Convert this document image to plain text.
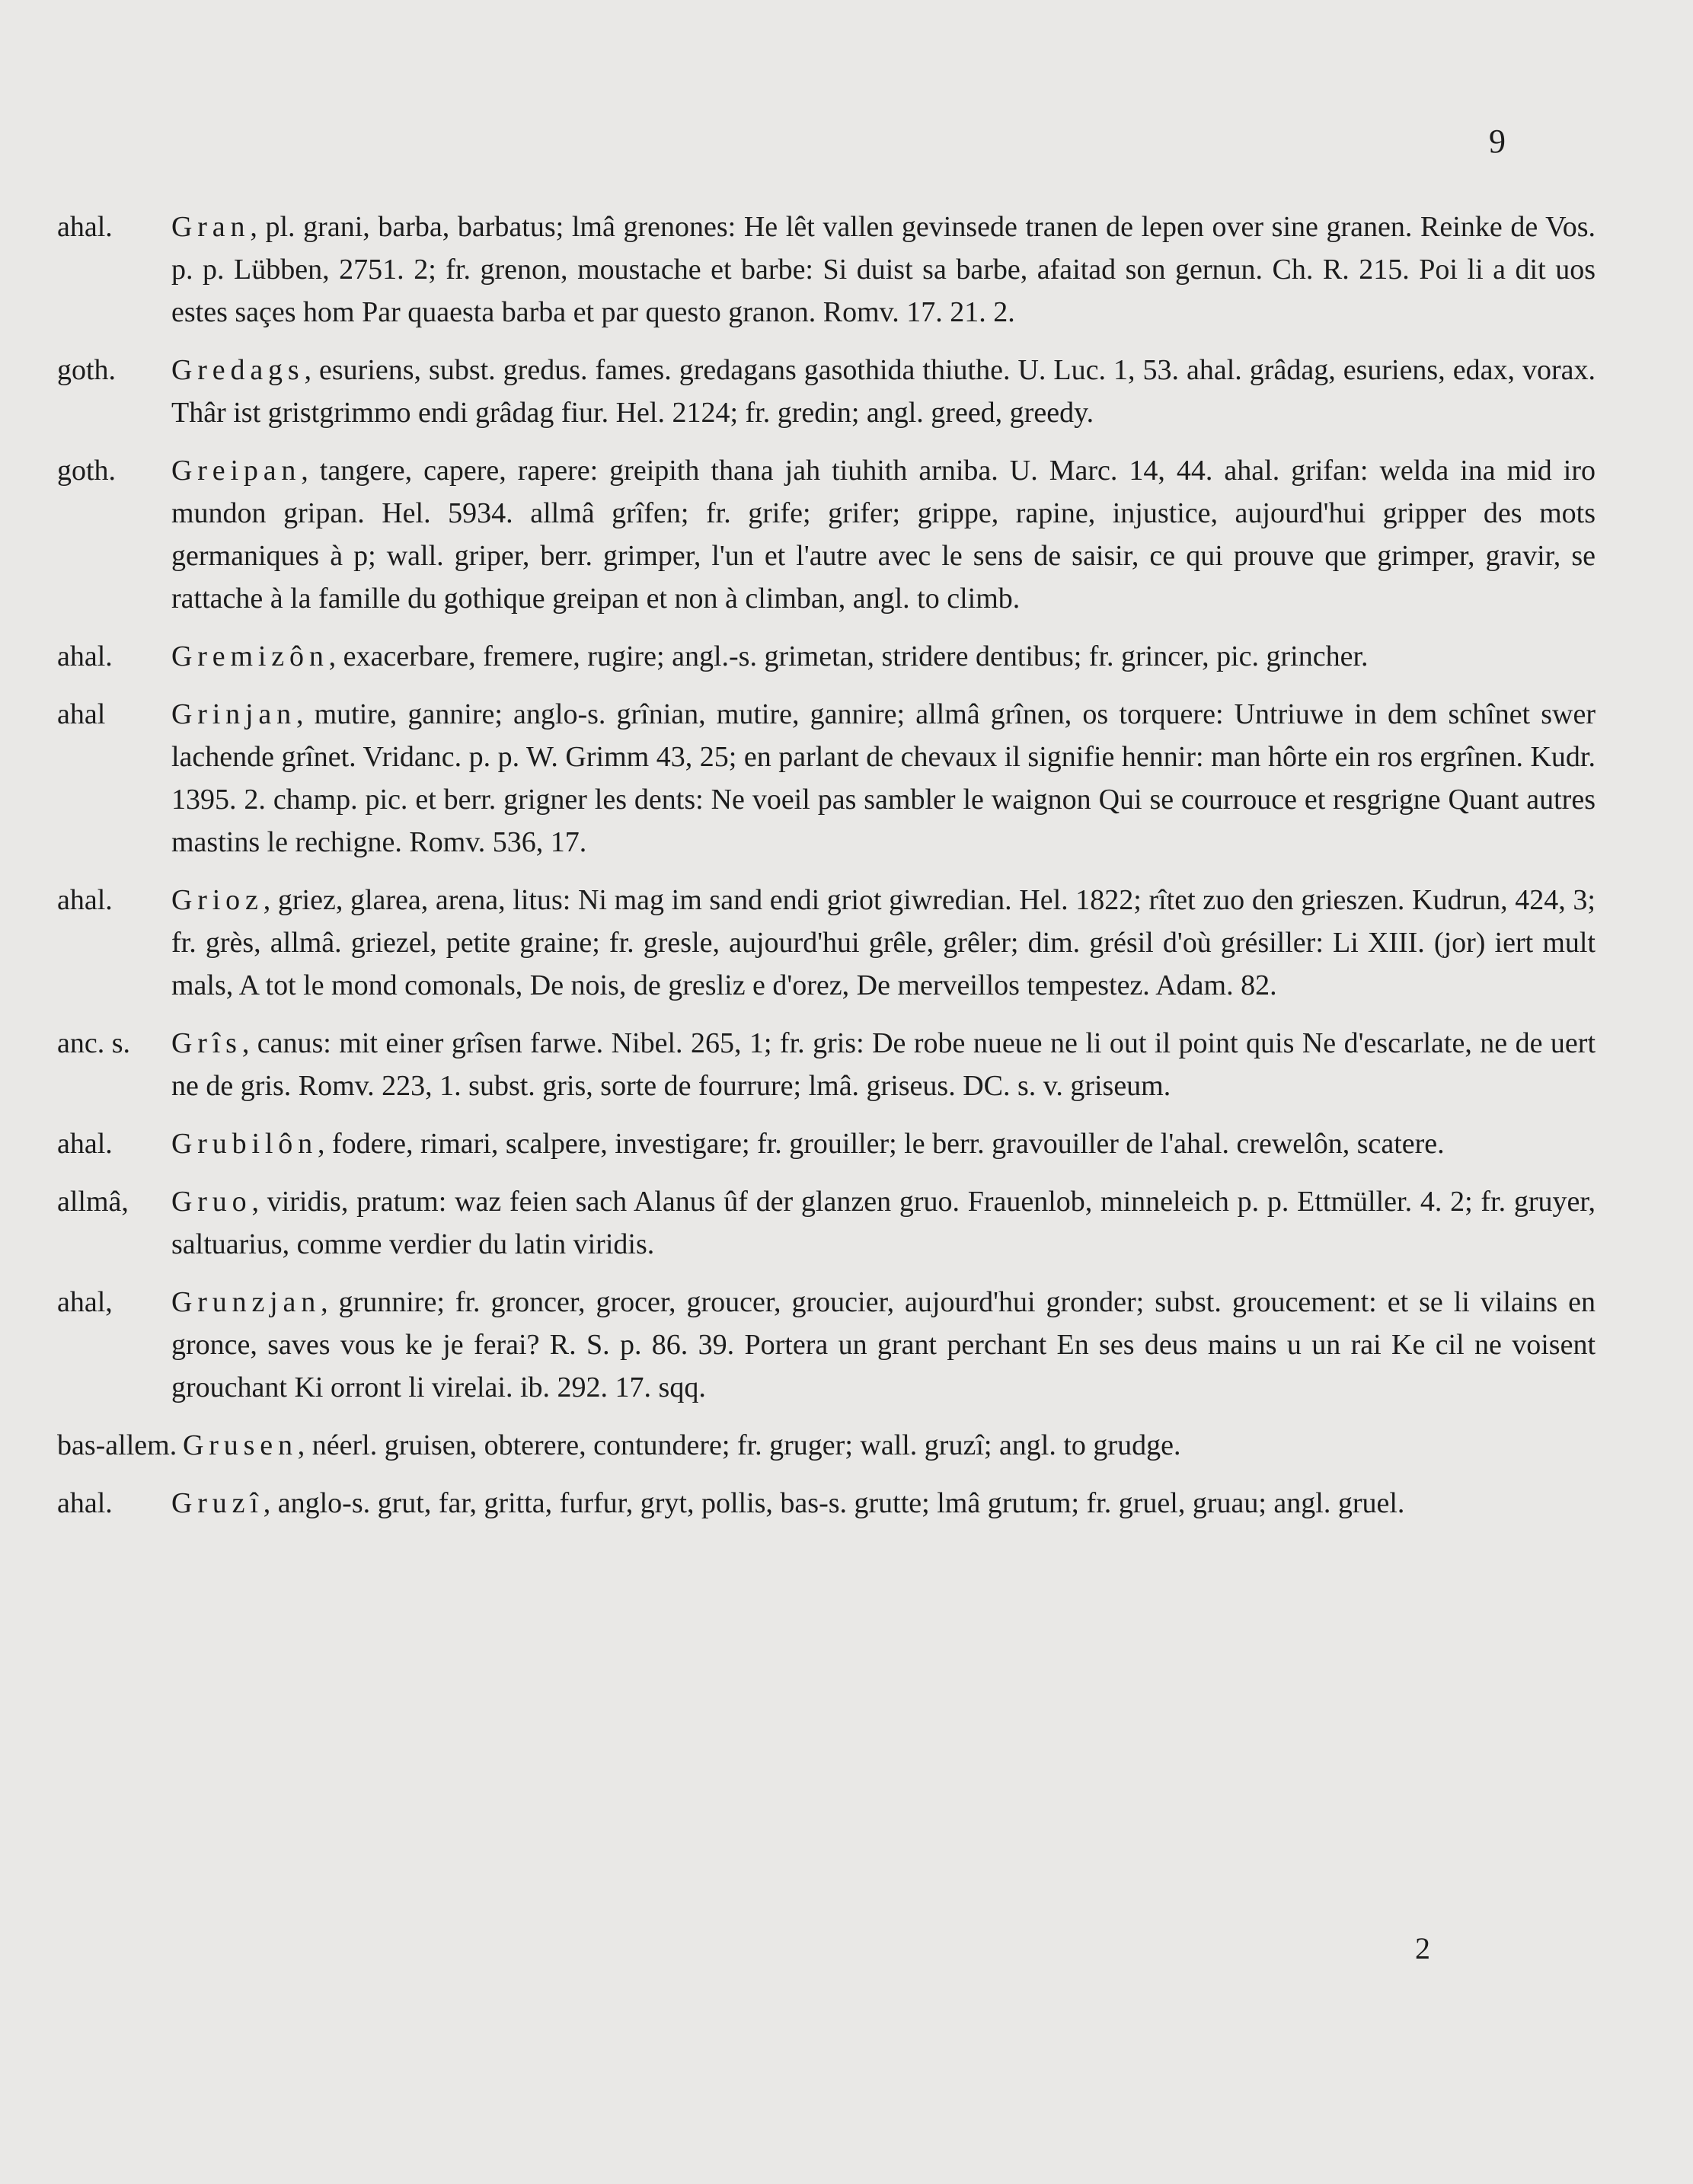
9
ahal.	Gran, pl. grani, barba, barbatus; lmâ grenones: He lêt vallen gevinsede tranen de lepen over sine granen. Reinke de Vos. p. p. Lübben, 2751. 2; fr. grenon, moustache et barbe: Si duist sa barbe, afaitad son gernun. Ch. R. 215. Poi li a dit uos estes saçes hom Par quaesta barba et par questo granon. Romv. 17. 21. 2.
goth.	Gredags, esuriens, subst. gredus. fames. gredagans gasothida thiuthe. U. Luc. 1, 53. ahal. grâdag, esuriens, edax, vorax. Thâr ist gristgrimmo endi grâdag fiur. Hel. 2124; fr. gredin; angl. greed, greedy.
goth.	Greipan, tangere, capere, rapere: greipith thana jah tiuhith arniba. U. Marc. 14, 44. ahal. grifan: welda ina mid iro mundon gripan. Hel. 5934. allmâ grîfen; fr. grife; grifer; grippe, rapine, injustice, aujourd'hui gripper des mots germaniques à p; wall. griper, berr. grimper, l'un et l'autre avec le sens de saisir, ce qui prouve que grimper, gravir, se rattache à la famille du gothique greipan et non à climban, angl. to climb.
ahal.	Gremizôn, exacerbare, fremere, rugire; angl.-s. grimetan, stridere dentibus; fr. grincer, pic. grincher.
ahal	Grinjan, mutire, gannire; anglo-s. grînian, mutire, gannire; allmâ grînen, os torquere: Untriuwe in dem schînet swer lachende grînet. Vridanc. p. p. W. Grimm 43, 25; en parlant de chevaux il signifie hennir: man hôrte ein ros ergrînen. Kudr. 1395. 2. champ. pic. et berr. grigner les dents: Ne voeil pas sambler le waignon Qui se courrouce et resgrigne Quant autres mastins le rechigne. Romv. 536, 17.
ahal.	Grioz, griez, glarea, arena, litus: Ni mag im sand endi griot giwredian. Hel. 1822; rîtet zuo den grieszen. Kudrun, 424, 3; fr. grès, allmâ. griezel, petite graine; fr. gresle, aujourd'hui grêle, grêler; dim. grésil d'où grésiller: Li XIII. (jor) iert mult mals, A tot le mond comonals, De nois, de gresliz e d'orez, De merveillos tempestez. Adam. 82.
anc. s.	Grîs, canus: mit einer grîsen farwe. Nibel. 265, 1; fr. gris: De robe nueue ne li out il point quis Ne d'escarlate, ne de uert ne de gris. Romv. 223, 1. subst. gris, sorte de fourrure; lmâ. griseus. DC. s. v. griseum.
ahal.	Grubilôn, fodere, rimari, scalpere, investigare; fr. grouiller; le berr. gravouiller de l'ahal. crewelôn, scatere.
allmâ,	Gruo, viridis, pratum: waz feien sach Alanus ûf der glanzen gruo. Frauenlob, minneleich p. p. Ettmüller. 4. 2; fr. gruyer, saltuarius, comme verdier du latin viridis.
ahal,	Grunzjan, grunnire; fr. groncer, grocer, groucer, groucier, aujourd'hui gronder; subst. groucement: et se li vilains en gronce, saves vous ke je ferai? R. S. p. 86. 39. Portera un grant perchant En ses deus mains u un rai Ke cil ne voisent grouchant Ki orront li virelai. ib. 292. 17. sqq.
bas-allem. Grusen, néerl. gruisen, obterere, contundere; fr. gruger; wall. gruzî; angl. to grudge.
ahal.	Gruzî, anglo-s. grut, far, gritta, furfur, gryt, pollis, bas-s. grutte; lmâ grutum; fr. gruel, gruau; angl. gruel.
2
